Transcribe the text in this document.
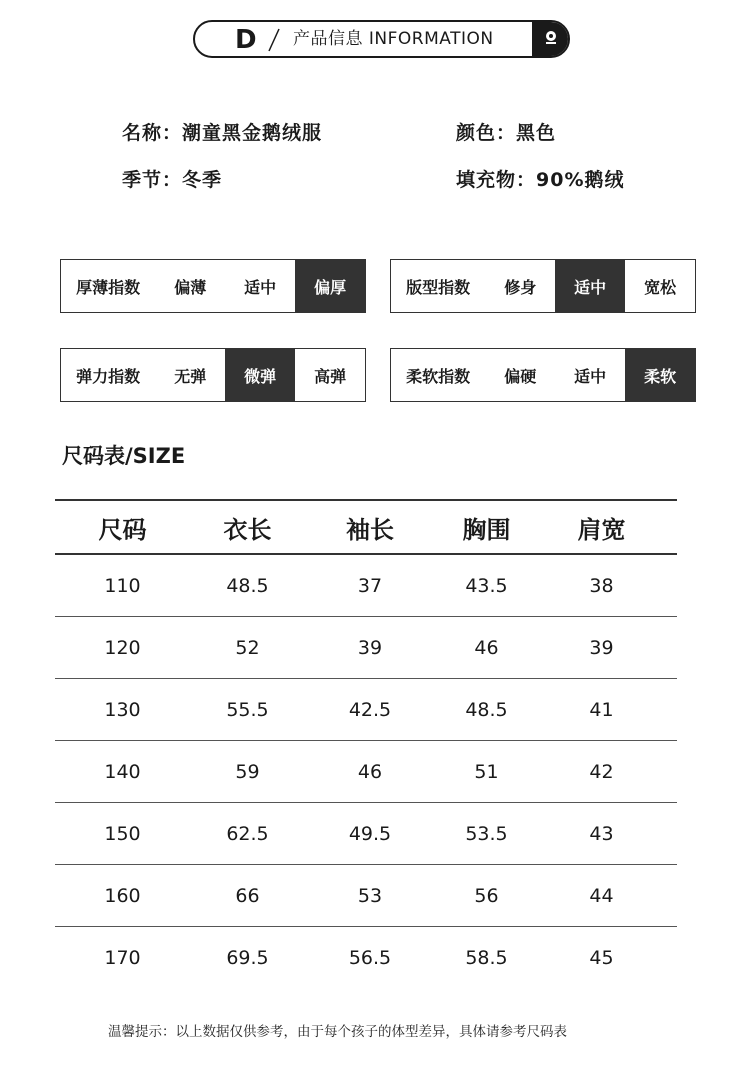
D 产品信息 INFORMATION
名称：潮童黑金鹅绒服	颜色：黑色
季节：冬季	填充物：90%鹅绒
厚薄指数	偏薄	适中	偏厚	版型指数	修身	适中	宽松
弹力指数	无弹	微弹	高弹	柔软指数	偏硬	适中	柔软
尺码表/SIZE
尺码	衣长	袖长	胸围	肩宽
110	48.5	37	43.5	38
120	52	39	46	39
130	55.5	42.5	48.5	41
140	59	46	51	42
150	62.5	49.5	53.5	43
160	66	53	56	44
170	69.5	56.5	58.5	45
温馨提示：以上数据仅供参考，由于每个孩子的体型差异，具体请参考尺码表
